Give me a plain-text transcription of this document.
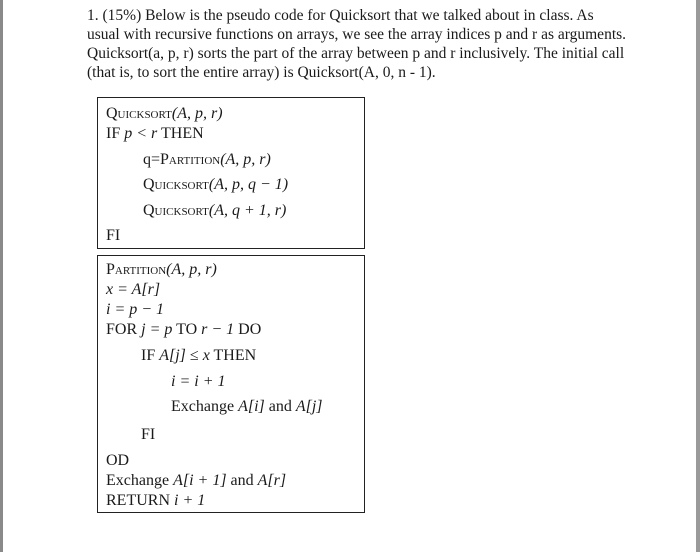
1. (15%) Below is the pseudo code for Quicksort that we talked about in class. As usual with recursive functions on arrays, we see the array indices p and r as arguments. Quicksort(a, p, r) sorts the part of the array between p and r inclusively. The initial call (that is, to sort the entire array) is Quicksort(A, 0, n - 1).

Quicksort(A, p, r)
IF p < r THEN
q=Partition(A, p, r)
Quicksort(A, p, q − 1)
Quicksort(A, q + 1, r)
FI
Partition(A, p, r)
x = A[r]
i = p − 1
FOR j = p TO r − 1 DO
IF A[j] ≤ x THEN
i = i + 1
Exchange A[i] and A[j]
FI
OD
Exchange A[i + 1] and A[r]
RETURN i + 1
